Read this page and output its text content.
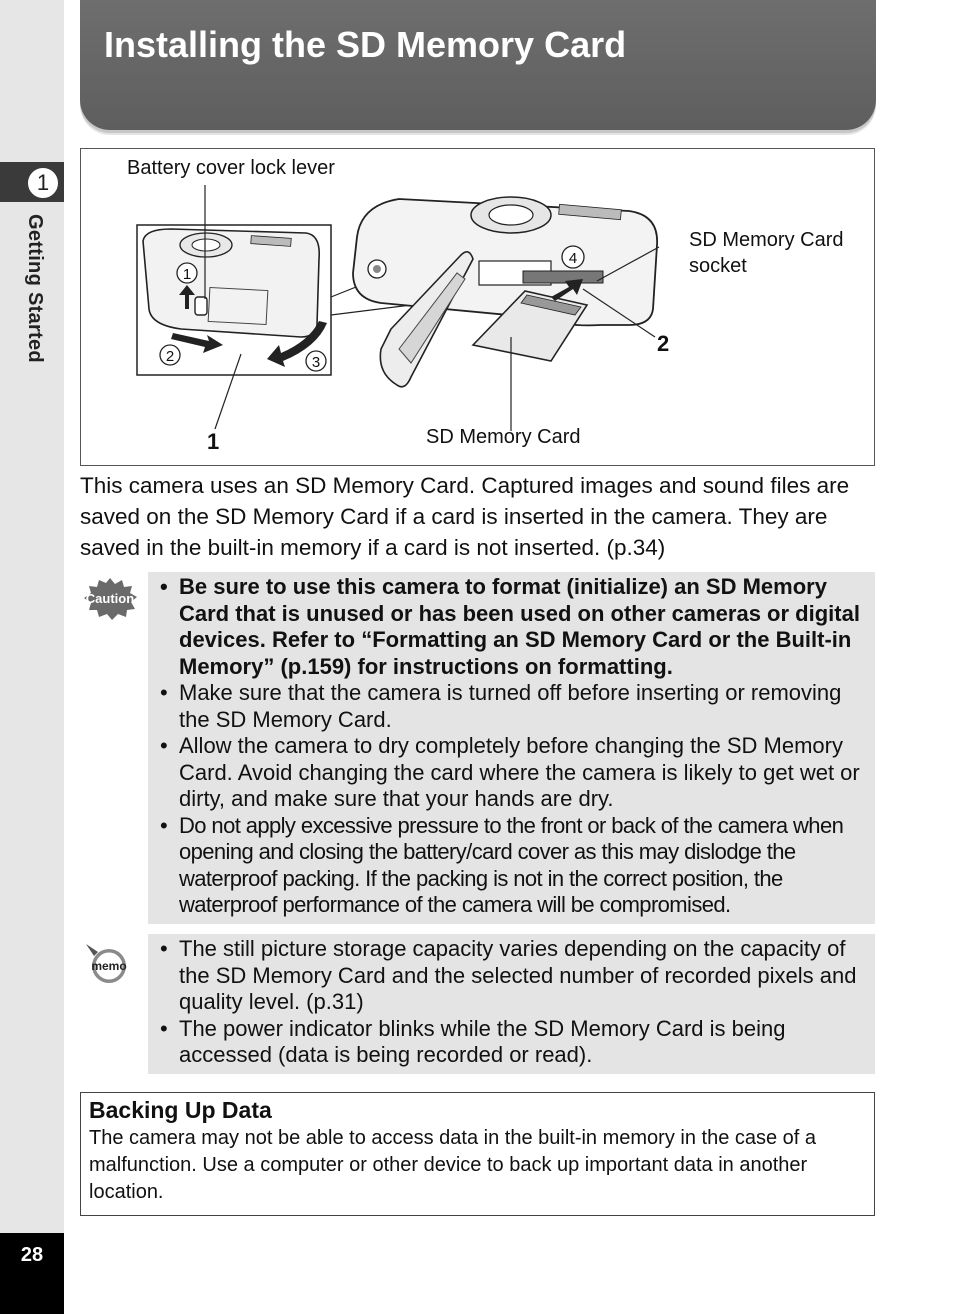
1
Getting Started
28
Installing the SD Memory Card
1
2	3
4
Battery cover lock lever
SD Memory Card
socket
SD Memory Card
1
2
This camera uses an SD Memory Card. Captured images and sound files are saved on the SD Memory Card if a card is inserted in the camera. They are saved in the built-in memory if a card is not inserted. (p.34)
Caution
•	Be sure to use this camera to format (initialize) an SD Memory Card that is unused or has been used on other cameras or digital devices. Refer to “Formatting an SD Memory Card or the Built-in Memory” (p.159) for instructions on formatting.
• Make sure that the camera is turned off before inserting or removing the SD Memory Card.
• Allow the camera to dry completely before changing the SD Memory Card. Avoid changing the card where the camera is likely to get wet or dirty, and make sure that your hands are dry.
• Do not apply excessive pressure to the front or back of the camera when opening and closing the battery/card cover as this may dislodge the waterproof packing. If the packing is not in the correct position, the waterproof performance of the camera will be compromised.
memo
• The still picture storage capacity varies depending on the capacity of the SD Memory Card and the selected number of recorded pixels and quality level. (p.31)
• The power indicator blinks while the SD Memory Card is being accessed (data is being recorded or read).
Backing Up Data
The camera may not be able to access data in the built-in memory in the case of a malfunction. Use a computer or other device to back up important data in another location.
